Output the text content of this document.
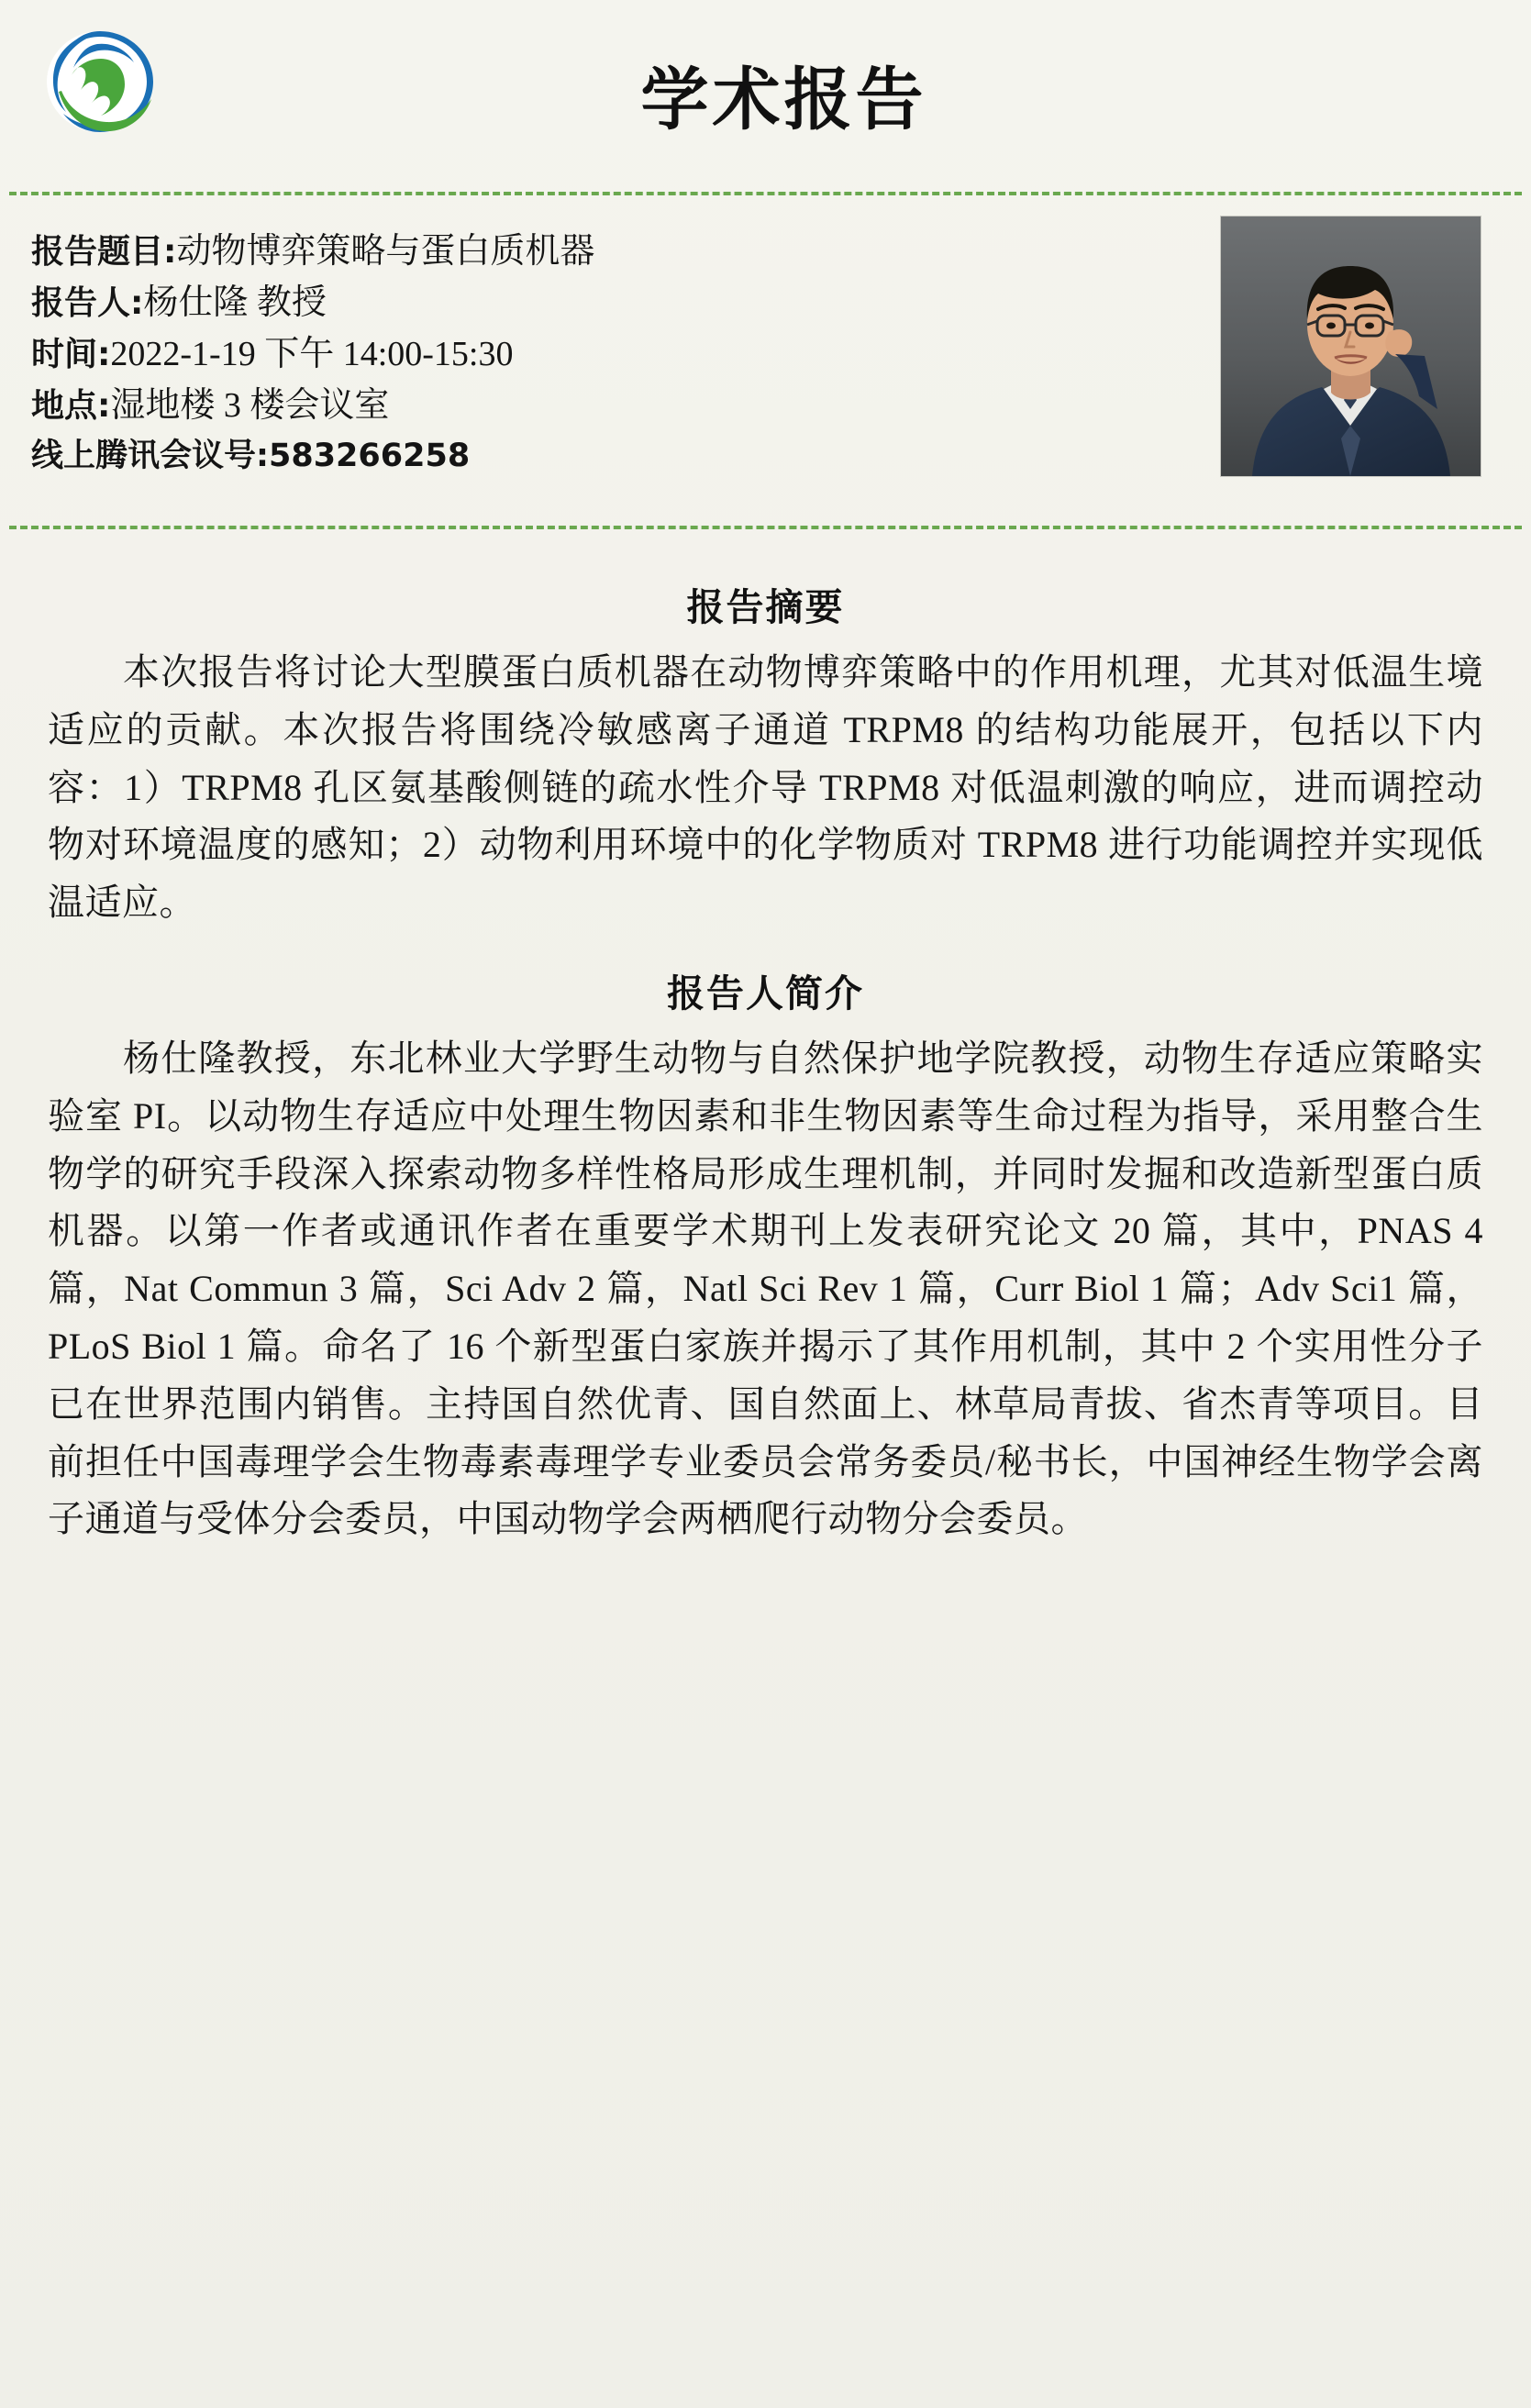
学术报告
报告题目:动物博弈策略与蛋白质机器
报告人:杨仕隆 教授
时间:2022-1-19 下午 14:00-15:30
地点:湿地楼 3 楼会议室
线上腾讯会议号:583266258
报告摘要

本次报告将讨论大型膜蛋白质机器在动物博弈策略中的作用机理，尤其对低温生境适应的贡献。本次报告将围绕冷敏感离子通道 TRPM8 的结构功能展开，包括以下内容：1）TRPM8 孔区氨基酸侧链的疏水性介导 TRPM8 对低温刺激的响应，进而调控动物对环境温度的感知；2）动物利用环境中的化学物质对 TRPM8 进行功能调控并实现低温适应。

报告人简介

杨仕隆教授，东北林业大学野生动物与自然保护地学院教授，动物生存适应策略实验室 PI。以动物生存适应中处理生物因素和非生物因素等生命过程为指导，采用整合生物学的研究手段深入探索动物多样性格局形成生理机制，并同时发掘和改造新型蛋白质机器。以第一作者或通讯作者在重要学术期刊上发表研究论文 20 篇，其中，PNAS 4 篇，Nat Commun 3 篇，Sci Adv 2 篇，Natl Sci Rev 1 篇，Curr Biol 1 篇；Adv Sci1 篇，PLoS Biol 1 篇。命名了 16 个新型蛋白家族并揭示了其作用机制，其中 2 个实用性分子已在世界范围内销售。主持国自然优青、国自然面上、林草局青拔、省杰青等项目。目前担任中国毒理学会生物毒素毒理学专业委员会常务委员/秘书长，中国神经生物学会离子通道与受体分会委员，中国动物学会两栖爬行动物分会委员。
